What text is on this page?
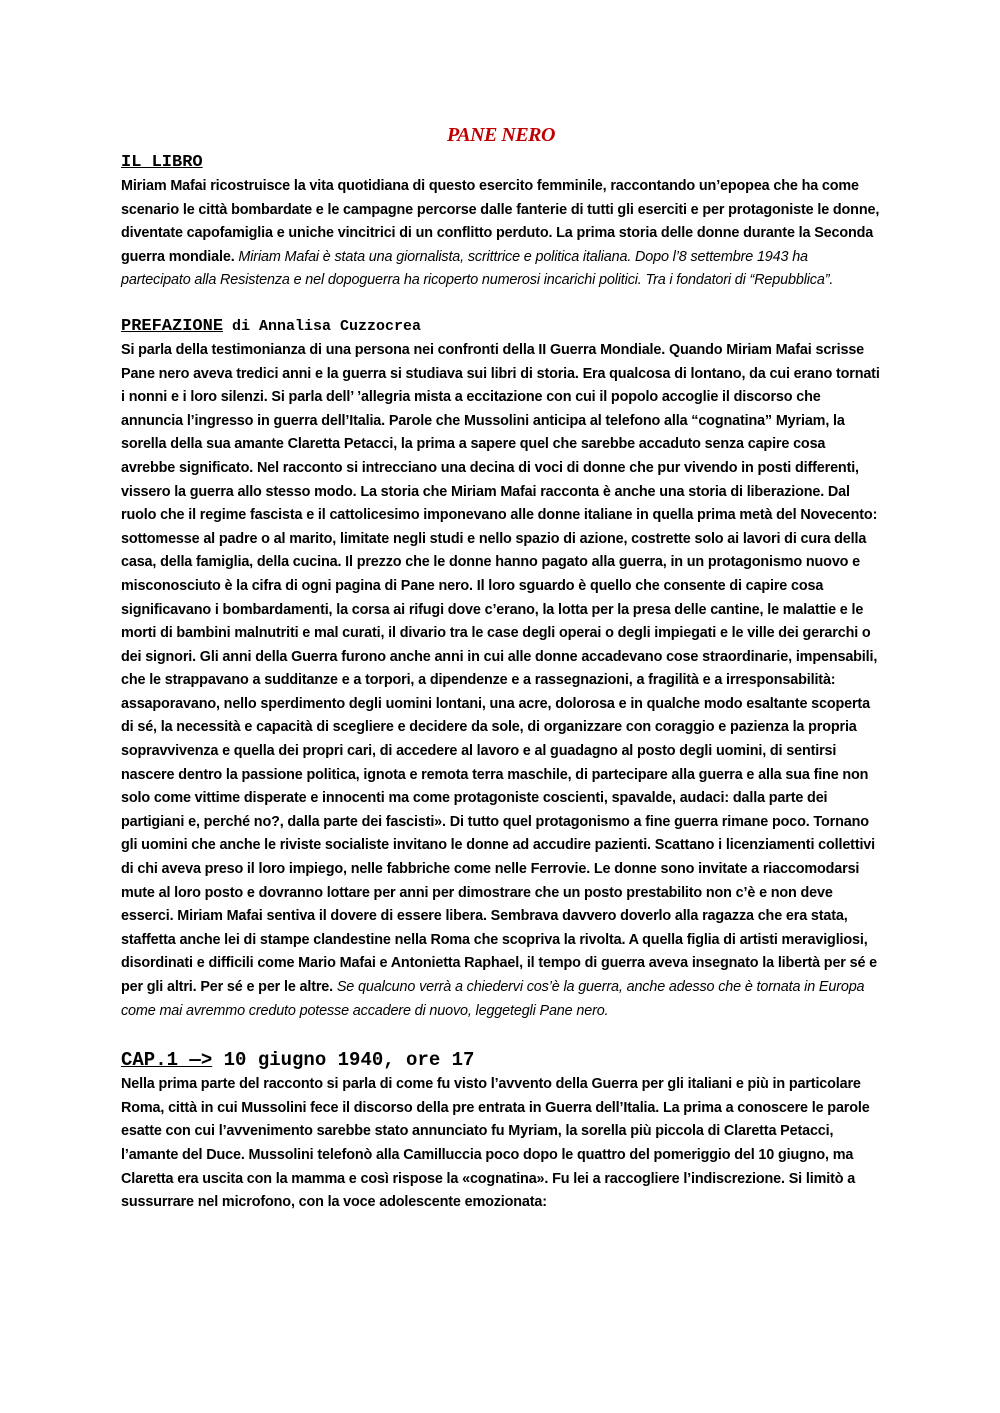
PANE NERO
IL LIBRO

Miriam Mafai ricostruisce la vita quotidiana di questo esercito femminile, raccontando un’epopea che ha come scenario le città bombardate e le campagne percorse dalle fanterie di tutti gli eserciti e per protagoniste le donne, diventate capofamiglia e uniche vincitrici di un conflitto perduto. La prima storia delle donne durante la Seconda guerra mondiale. Miriam Mafai è stata una giornalista, scrittrice e politica italiana. Dopo l’8 settembre 1943 ha partecipato alla Resistenza e nel dopoguerra ha ricoperto numerosi incarichi politici. Tra i fondatori di “Repubblica”.

PREFAZIONE di Annalisa Cuzzocrea

Si parla della testimonianza di una persona nei confronti della II Guerra Mondiale. Quando Miriam Mafai scrisse Pane nero aveva tredici anni e la guerra si studiava sui libri di storia. Era qualcosa di lontano, da cui erano tornati i nonni e i loro silenzi. Si parla dell’ ’allegria mista a eccitazione con cui il popolo accoglie il discorso che annuncia l’ingresso in guerra dell’Italia. Parole che Mussolini anticipa al telefono alla “cognatina” Myriam, la sorella della sua amante Claretta Petacci, la prima a sapere quel che sarebbe accaduto senza capire cosa avrebbe significato. Nel racconto si intrecciano una decina di voci di donne che pur vivendo in posti differenti, vissero la guerra allo stesso modo. La storia che Miriam Mafai racconta è anche una storia di liberazione. Dal ruolo che il regime fascista e il cattolicesimo imponevano alle donne italiane in quella prima metà del Novecento: sottomesse al padre o al marito, limitate negli studi e nello spazio di azione, costrette solo ai lavori di cura della casa, della famiglia, della cucina. Il prezzo che le donne hanno pagato alla guerra, in un protagonismo nuovo e misconosciuto è la cifra di ogni pagina di Pane nero. Il loro sguardo è quello che consente di capire cosa significavano i bombardamenti, la corsa ai rifugi dove c’erano, la lotta per la presa delle cantine, le malattie e le morti di bambini malnutriti e mal curati, il divario tra le case degli operai o degli impiegati e le ville dei gerarchi o dei signori. Gli anni della Guerra furono anche anni in cui alle donne accadevano cose straordinarie, impensabili, che le strappavano a sudditanze e a torpori, a dipendenze e a rassegnazioni, a fragilità e a irresponsabilità: assaporavano, nello sperdimento degli uomini lontani, una acre, dolorosa e in qualche modo esaltante scoperta di sé, la necessità e capacità di scegliere e decidere da sole, di organizzare con coraggio e pazienza la propria sopravvivenza e quella dei propri cari, di accedere al lavoro e al guadagno al posto degli uomini, di sentirsi nascere dentro la passione politica, ignota e remota terra maschile, di partecipare alla guerra e alla sua fine non solo come vittime disperate e innocenti ma come protagoniste coscienti, spavalde, audaci: dalla parte dei partigiani e, perché no?, dalla parte dei fascisti». Di tutto quel protagonismo a fine guerra rimane poco. Tornano gli uomini che anche le riviste socialiste invitano le donne ad accudire pazienti. Scattano i licenziamenti collettivi di chi aveva preso il loro impiego, nelle fabbriche come nelle Ferrovie. Le donne sono invitate a riaccomodarsi mute al loro posto e dovranno lottare per anni per dimostrare che un posto prestabilito non c’è e non deve esserci. Miriam Mafai sentiva il dovere di essere libera. Sembrava davvero doverlo alla ragazza che era stata, staffetta anche lei di stampe clandestine nella Roma che scopriva la rivolta. A quella figlia di artisti meravigliosi, disordinati e difficili come Mario Mafai e Antonietta Raphael, il tempo di guerra aveva insegnato la libertà per sé e per gli altri. Per sé e per le altre. Se qualcuno verrà a chiedervi cos’è la guerra, anche adesso che è tornata in Europa come mai avremmo creduto potesse accadere di nuovo, leggetegli Pane nero.

CAP.1 —> 10 giugno 1940, ore 17

Nella prima parte del racconto si parla di come fu visto l’avvento della Guerra per gli italiani e più in particolare Roma, città in cui Mussolini fece il discorso della pre entrata in Guerra dell’Italia. La prima a conoscere le parole esatte con cui l’avvenimento sarebbe stato annunciato fu Myriam, la sorella più piccola di Claretta Petacci, l’amante del Duce. Mussolini telefonò alla Camilluccia poco dopo le quattro del pomeriggio del 10 giugno, ma Claretta era uscita con la mamma e così rispose la «cognatina». Fu lei a raccogliere l’indiscrezione. Si limitò a sussurrare nel microfono, con la voce adolescente emozionata:
